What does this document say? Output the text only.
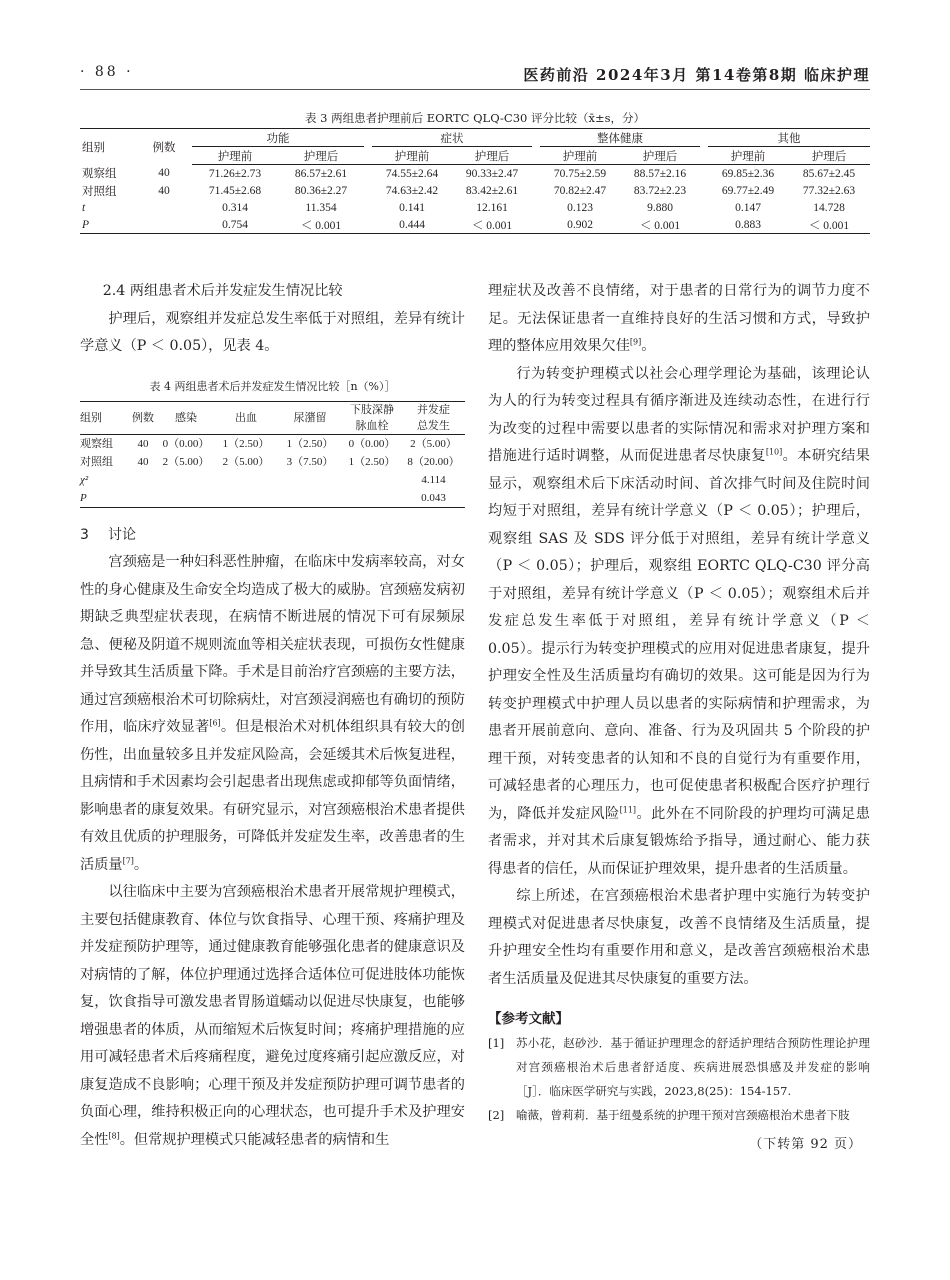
· 88 ·	医药前沿 2024年3月 第14卷第8期 临床护理
表 3 两组患者护理前后 EORTC QLQ-C30 评分比较（x̄±s，分）
组别	例数	功能			症状			整体健康			其他	
		护理前	护理后		护理前	护理后		护理前	护理后		护理前	护理后
观察组	40	71.26±2.73	86.57±2.61		74.55±2.64	90.33±2.47		70.75±2.59	88.57±2.16		69.85±2.36	85.67±2.45
对照组	40	71.45±2.68	80.36±2.27		74.63±2.42	83.42±2.61		70.82±2.47	83.72±2.23		69.77±2.49	77.32±2.63
t		0.314	11.354		0.141	12.161		0.123	9.880		0.147	14.728
P		0.754	＜ 0.001		0.444	＜ 0.001		0.902	＜ 0.001		0.883	＜ 0.001

2.4 两组患者术后并发症发生情况比较

护理后，观察组并发症总发生率低于对照组，差异有统计学意义（P ＜ 0.05），见表 4。

表 4 两组患者术后并发症发生情况比较［n（%）］
组别	例数	感染	出血	尿潴留	下肢深静脉血栓	并发症总发生
观察组	40	0（0.00）	1（2.50）	1（2.50）	0（0.00）	2（5.00）
对照组	40	2（5.00）	2（5.00）	3（7.50）	1（2.50）	8（20.00）
χ²						4.114
P						0.043
3 讨论

宫颈癌是一种妇科恶性肿瘤，在临床中发病率较高，对女性的身心健康及生命安全均造成了极大的威胁。宫颈癌发病初期缺乏典型症状表现，在病情不断进展的情况下可有尿频尿急、便秘及阴道不规则流血等相关症状表现，可损伤女性健康并导致其生活质量下降。手术是目前治疗宫颈癌的主要方法，通过宫颈癌根治术可切除病灶，对宫颈浸润癌也有确切的预防作用，临床疗效显著[6]。但是根治术对机体组织具有较大的创伤性，出血量较多且并发症风险高，会延缓其术后恢复进程，且病情和手术因素均会引起患者出现焦虑或抑郁等负面情绪，影响患者的康复效果。有研究显示，对宫颈癌根治术患者提供有效且优质的护理服务，可降低并发症发生率，改善患者的生活质量[7]。

以往临床中主要为宫颈癌根治术患者开展常规护理模式，主要包括健康教育、体位与饮食指导、心理干预、疼痛护理及并发症预防护理等，通过健康教育能够强化患者的健康意识及对病情的了解，体位护理通过选择合适体位可促进肢体功能恢复，饮食指导可激发患者胃肠道蠕动以促进尽快康复，也能够增强患者的体质，从而缩短术后恢复时间；疼痛护理措施的应用可减轻患者术后疼痛程度，避免过度疼痛引起应激反应，对康复造成不良影响；心理干预及并发症预防护理可调节患者的负面心理，维持积极正向的心理状态，也可提升手术及护理安全性[8]。但常规护理模式只能减轻患者的病情和生

理症状及改善不良情绪，对于患者的日常行为的调节力度不足。无法保证患者一直维持良好的生活习惯和方式，导致护理的整体应用效果欠佳[9]。

行为转变护理模式以社会心理学理论为基础，该理论认为人的行为转变过程具有循序渐进及连续动态性，在进行行为改变的过程中需要以患者的实际情况和需求对护理方案和措施进行适时调整，从而促进患者尽快康复[10]。本研究结果显示，观察组术后下床活动时间、首次排气时间及住院时间均短于对照组，差异有统计学意义（P ＜ 0.05）；护理后，观察组 SAS 及 SDS 评分低于对照组，差异有统计学意义（P ＜ 0.05）；护理后，观察组 EORTC QLQ-C30 评分高于对照组，差异有统计学意义（P ＜ 0.05）；观察组术后并发症总发生率低于对照组，差异有统计学意义（P ＜ 0.05）。提示行为转变护理模式的应用对促进患者康复，提升护理安全性及生活质量均有确切的效果。这可能是因为行为转变护理模式中护理人员以患者的实际病情和护理需求，为患者开展前意向、意向、准备、行为及巩固共 5 个阶段的护理干预，对转变患者的认知和不良的自觉行为有重要作用，可减轻患者的心理压力，也可促使患者积极配合医疗护理行为，降低并发症风险[11]。此外在不同阶段的护理均可满足患者需求，并对其术后康复锻炼给予指导，通过耐心、能力获得患者的信任，从而保证护理效果，提升患者的生活质量。

综上所述，在宫颈癌根治术患者护理中实施行为转变护理模式对促进患者尽快康复，改善不良情绪及生活质量，提升护理安全性均有重要作用和意义，是改善宫颈癌根治术患者生活质量及促进其尽快康复的重要方法。

【参考文献】
[1] 苏小花，赵砂沙．基于循证护理理念的舒适护理结合预防性理论护理对宫颈癌根治术后患者舒适度、疾病进展恐惧感及并发症的影响［J］．临床医学研究与实践，2023,8(25)：154-157.
[2] 喻薇，曾莉莉．基于纽曼系统的护理干预对宫颈癌根治术患者下肢
（下转第 92 页）
